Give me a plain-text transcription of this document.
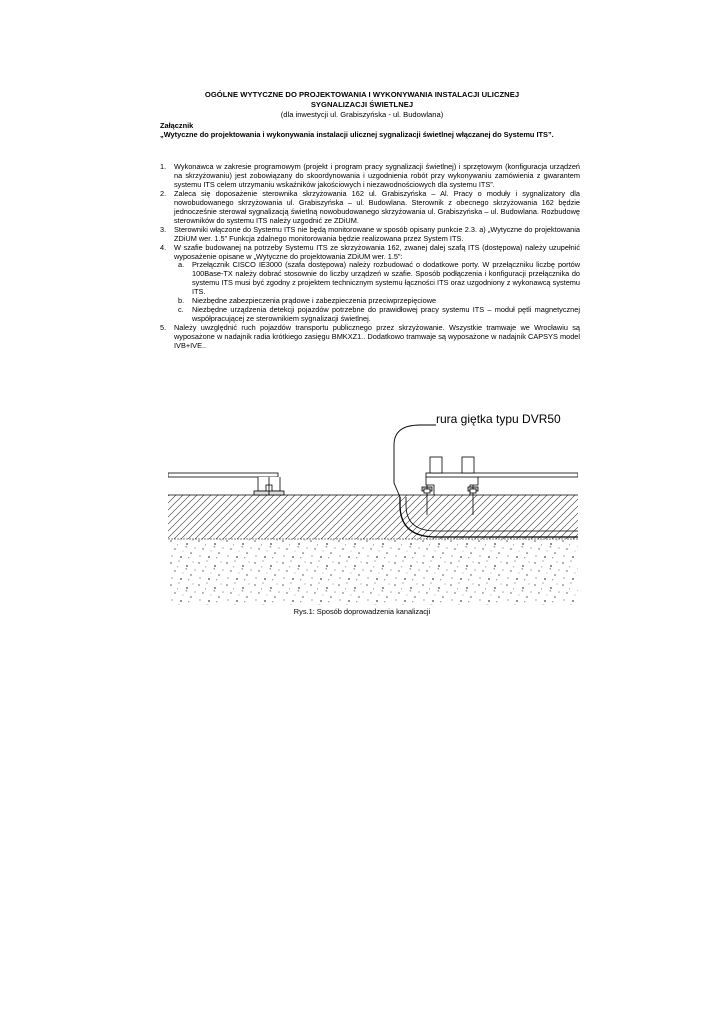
OGÓLNE WYTYCZNE DO PROJEKTOWANIA I WYKONYWANIA INSTALACJI ULICZNEJ
SYGNALIZACJI ŚWIETLNEJ
(dla inwestycji ul. Grabiszyńska - ul. Budowlana)
Załącznik
„Wytyczne do projektowania i wykonywania instalacji ulicznej sygnalizacji świetlnej włączanej do Systemu ITS”.
1.	Wykonawca w zakresie programowym (projekt i program pracy sygnalizacji świetlnej) i sprzętowym (konfiguracja urządzeń na skrzyżowaniu) jest zobowiązany do skoordynowania i uzgodnienia robót przy wykonywaniu zamówienia z gwarantem systemu ITS celem utrzymaniu wskaźników jakościowych i niezawodnościowych dla systemu ITS”.
2.	Zaleca się doposażenie sterownika skrzyżowania 162 ul. Grabiszyńska – Al. Pracy o moduły i sygnalizatory dla nowobudowanego skrzyżowania ul. Grabiszyńska – ul. Budowlana. Sterownik z obecnego skrzyżowania 162 będzie jednocześnie sterował sygnalizacją świetlną nowobudowanego skrzyżowania ul. Grabiszyńska – ul. Budowlana. Rozbudowę sterowników do systemu ITS należy uzgodnić ze ZDiUM.
3.	Sterowniki włączone do Systemu ITS nie będą monitorowane w sposób opisany punkcie 2.3. a) „Wytyczne do projektowania ZDiUM wer. 1.5” Funkcja zdalnego monitorowania będzie realizowana przez System ITS.
4.	W szafie budowanej na potrzeby Systemu ITS ze skrzyżowania 162, zwanej dalej szafą ITS (dostępowa) należy uzupełnić wyposażenie opisane w „Wytyczne do projektowania ZDiUM wer. 1.5”:
a. Przełącznik CISCO IE3000 (szafa dostępowa) należy rozbudować o dodatkowe porty. W przełączniku liczbę portów 100Base-TX należy dobrać stosownie do liczby urządzeń w szafie. Sposób podłączenia i konfiguracji przełącznika do systemu ITS musi być zgodny z projektem technicznym systemu łączności ITS oraz uzgodniony z wykonawcą systemu ITS.
b. Niezbędne zabezpieczenia prądowe i zabezpieczenia przeciwprzepięciowe
c. Niezbędne urządzenia detekcji pojazdów potrzebne do prawidłowej pracy systemu ITS – moduł pętli magnetycznej współpracującej ze sterownikiem sygnalizacji świetlnej.
5.	Należy uwzględnić ruch pojazdów transportu publicznego przez skrzyżowanie. Wszystkie tramwaje we Wrocławiu są wyposażone w nadajnik radia krótkiego zasięgu BMKXZ1.. Dodatkowo tramwaje są wyposażone w nadajnik CAPSYS model IVB+IVE..
rura giętka typu DVR50
Rys.1: Sposób doprowadzenia kanalizacji
